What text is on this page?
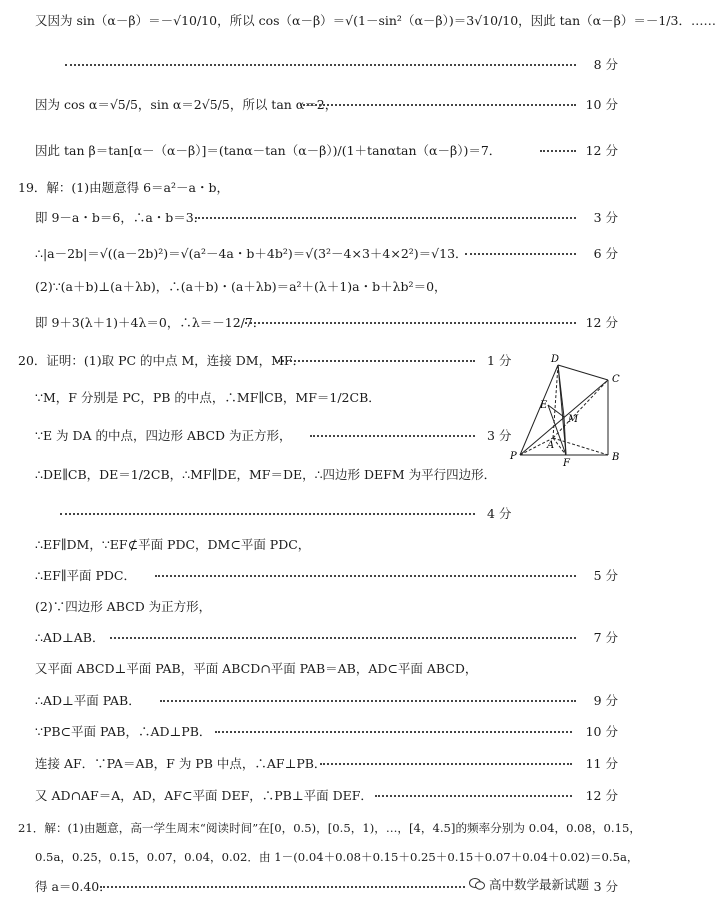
又因为 sin（α－β）＝－√10/10，所以 cos（α－β）＝√(1－sin²（α－β）)＝3√10/10，因此 tan（α－β）＝－1/3．……
8 分
因为 cos α＝√5/5，sin α＝2√5/5，所以 tan α＝2，	10 分
因此 tan β＝tan[α－（α－β）]＝(tanα－tan（α－β）)/(1＋tanαtan（α－β）)＝7．	12 分
19．解：(1)由题意得 6＝a²－a・b，
即 9－a・b＝6，∴a・b＝3．	3 分
∴|a－2b|＝√((a－2b)²)＝√(a²－4a・b＋4b²)＝√(3²－4×3＋4×2²)＝√13．	6 分
(2)∵(a＋b)⊥(a＋λb)，∴(a＋b)・(a＋λb)＝a²＋(λ＋1)a・b＋λb²＝0，
即 9＋3(λ＋1)＋4λ＝0，∴λ＝－12/7．	12 分
20．证明：(1)取 PC 的中点 M，连接 DM，MF．	1 分
∵M，F 分别是 PC，PB 的中点，∴MF∥CB，MF＝1/2CB．
∵E 为 DA 的中点，四边形 ABCD 为正方形，	3 分
∴DE∥CB，DE＝1/2CB，∴MF∥DE，MF＝DE，∴四边形 DEFM 为平行四边形．
4 分
∴EF∥DM，∵EF⊄平面 PDC，DM⊂平面 PDC，
∴EF∥平面 PDC．	5 分
(2)∵四边形 ABCD 为正方形，
∴AD⊥AB．	7 分
又平面 ABCD⊥平面 PAB，平面 ABCD∩平面 PAB＝AB，AD⊂平面 ABCD，
∴AD⊥平面 PAB．	9 分
∵PB⊂平面 PAB，∴AD⊥PB．	10 分
连接 AF．∵PA＝AB，F 为 PB 中点，∴AF⊥PB．	11 分
又 AD∩AF＝A，AD，AF⊂平面 DEF，∴PB⊥平面 DEF．	12 分
21．解：(1)由题意，高一学生周末“阅读时间”在[0，0.5)，[0.5，1)，…，[4，4.5]的频率分别为 0.04，0.08，0.15，
0.5a，0.25，0.15，0.07，0.04，0.02．由 1－(0.04＋0.08＋0.15＋0.25＋0.15＋0.07＋0.04＋0.02)＝0.5a，
得 a＝0.40．	3 分
D
C
E
M
A
P
F
B
高中数学最新试题
